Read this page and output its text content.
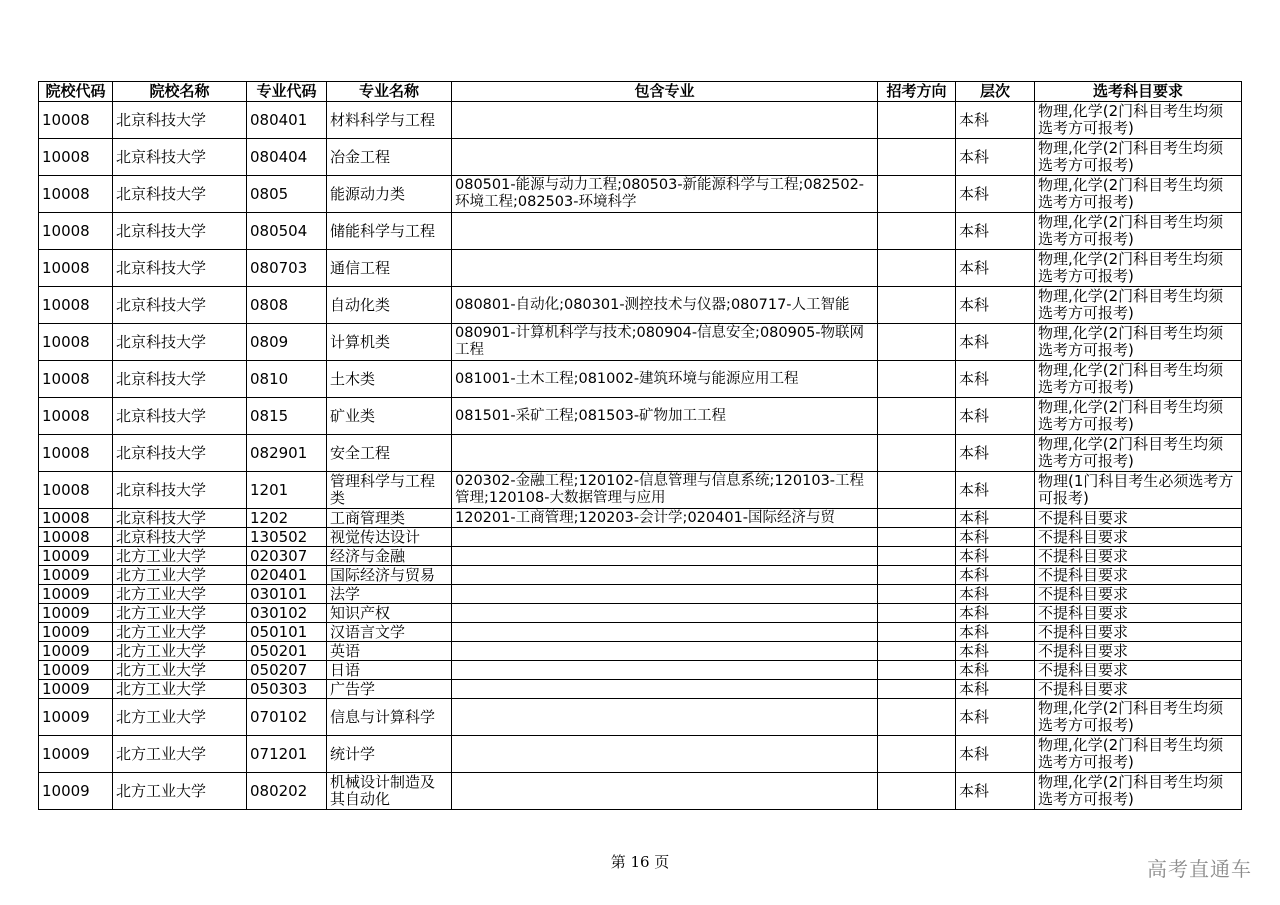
院校代码	院校名称	专业代码	专业名称	包含专业	招考方向	层次	选考科目要求
10008	北京科技大学	080401	材料科学与工程			本科	物理,化学(2门科目考生均须选考方可报考)
10008	北京科技大学	080404	冶金工程			本科	物理,化学(2门科目考生均须选考方可报考)
10008	北京科技大学	0805	能源动力类	080501-能源与动力工程;080503-新能源科学与工程;082502-环境工程;082503-环境科学		本科	物理,化学(2门科目考生均须选考方可报考)
10008	北京科技大学	080504	储能科学与工程			本科	物理,化学(2门科目考生均须选考方可报考)
10008	北京科技大学	080703	通信工程			本科	物理,化学(2门科目考生均须选考方可报考)
10008	北京科技大学	0808	自动化类	080801-自动化;080301-测控技术与仪器;080717-人工智能		本科	物理,化学(2门科目考生均须选考方可报考)
10008	北京科技大学	0809	计算机类	080901-计算机科学与技术;080904-信息安全;080905-物联网工程		本科	物理,化学(2门科目考生均须选考方可报考)
10008	北京科技大学	0810	土木类	081001-土木工程;081002-建筑环境与能源应用工程		本科	物理,化学(2门科目考生均须选考方可报考)
10008	北京科技大学	0815	矿业类	081501-采矿工程;081503-矿物加工工程		本科	物理,化学(2门科目考生均须选考方可报考)
10008	北京科技大学	082901	安全工程			本科	物理,化学(2门科目考生均须选考方可报考)
10008	北京科技大学	1201	管理科学与工程类	020302-金融工程;120102-信息管理与信息系统;120103-工程管理;120108-大数据管理与应用		本科	物理(1门科目考生必须选考方可报考)
10008	北京科技大学	1202	工商管理类	120201-工商管理;120203-会计学;020401-国际经济与贸		本科	不提科目要求
10008	北京科技大学	130502	视觉传达设计			本科	不提科目要求
10009	北方工业大学	020307	经济与金融			本科	不提科目要求
10009	北方工业大学	020401	国际经济与贸易			本科	不提科目要求
10009	北方工业大学	030101	法学			本科	不提科目要求
10009	北方工业大学	030102	知识产权			本科	不提科目要求
10009	北方工业大学	050101	汉语言文学			本科	不提科目要求
10009	北方工业大学	050201	英语			本科	不提科目要求
10009	北方工业大学	050207	日语			本科	不提科目要求
10009	北方工业大学	050303	广告学			本科	不提科目要求
10009	北方工业大学	070102	信息与计算科学			本科	物理,化学(2门科目考生均须选考方可报考)
10009	北方工业大学	071201	统计学			本科	物理,化学(2门科目考生均须选考方可报考)
10009	北方工业大学	080202	机械设计制造及其自动化			本科	物理,化学(2门科目考生均须选考方可报考)
第 16 页	高考直通车
